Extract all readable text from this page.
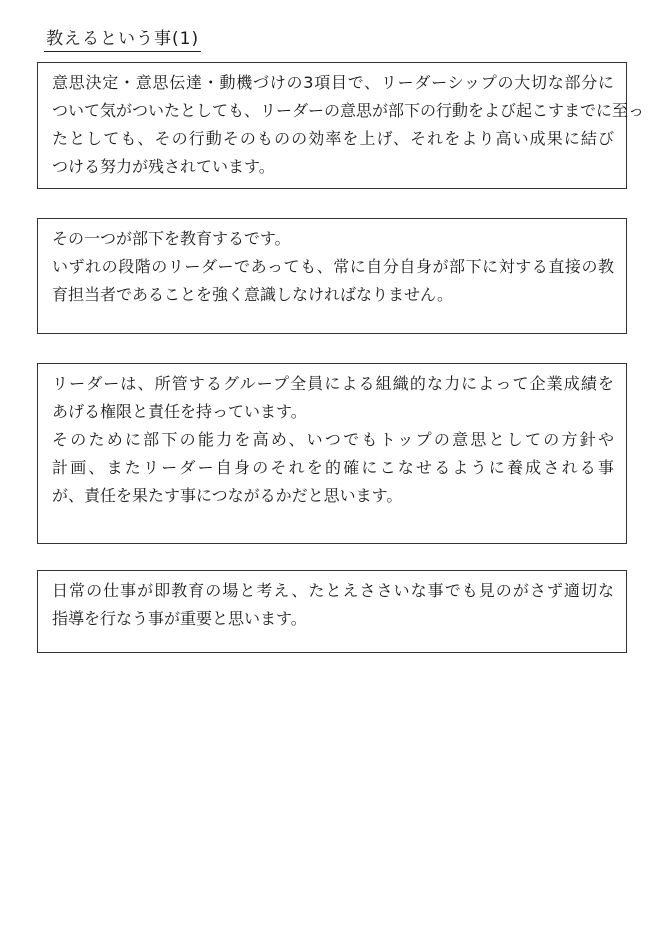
教えるという事(1)
意思決定・意思伝達・動機づけの3項目で、リーダーシップの大切な部分に
ついて気がついたとしても、リーダーの意思が部下の行動をよび起こすまでに至っ
たとしても、その行動そのものの効率を上げ、それをより高い成果に結び
つける努力が残されています。
その一つが部下を教育するです。
いずれの段階のリーダーであっても、常に自分自身が部下に対する直接の教
育担当者であることを強く意識しなければなりません。
リーダーは、所管するグループ全員による組織的な力によって企業成績を
あげる権限と責任を持っています。
そのために部下の能力を高め、いつでもトップの意思としての方針や
計画、またリーダー自身のそれを的確にこなせるように養成される事
が、責任を果たす事につながるかだと思います。
日常の仕事が即教育の場と考え、たとえささいな事でも見のがさず適切な
指導を行なう事が重要と思います。
